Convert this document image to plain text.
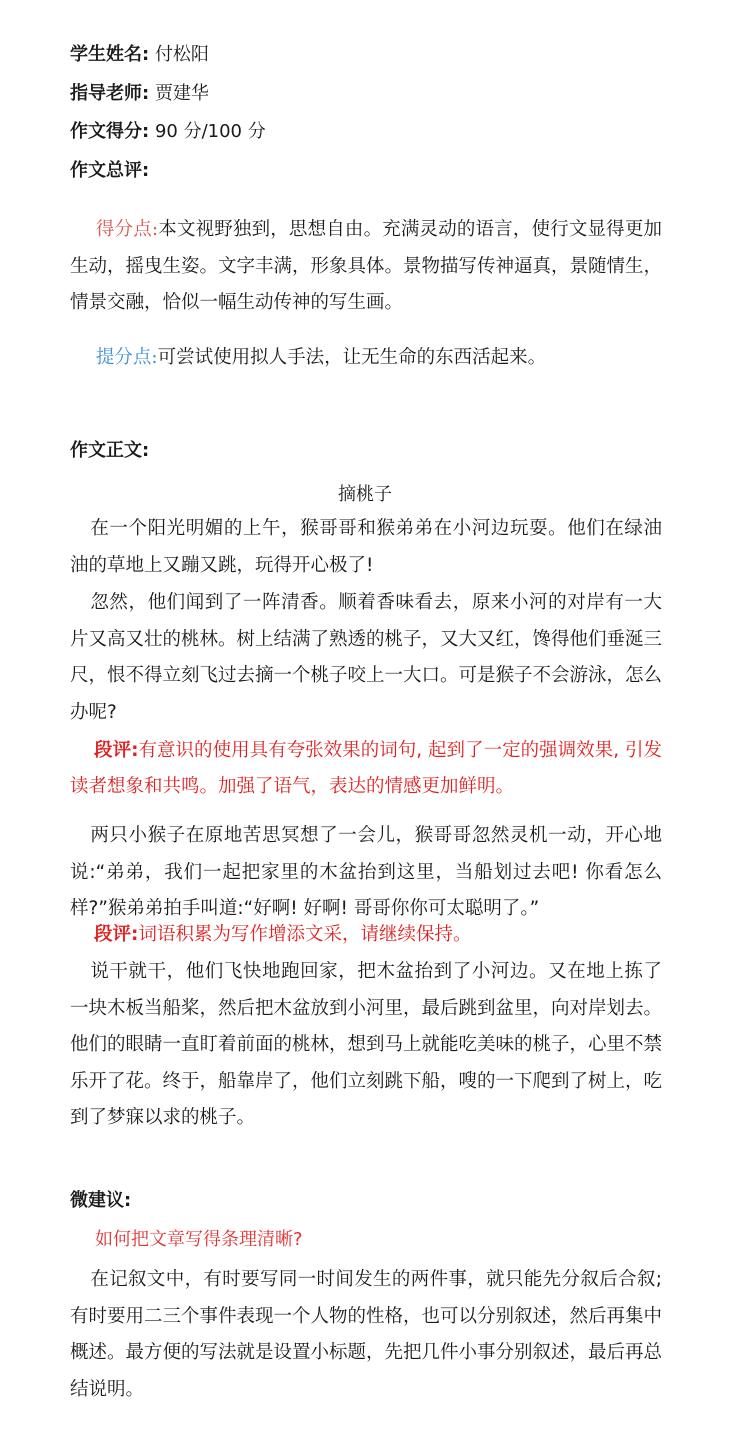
学生姓名: 付松阳
指导老师: 贾建华
作文得分: 90 分/100 分
作文总评:
得分点:本文视野独到，思想自由。充满灵动的语言，使行文显得更加生动，摇曳生姿。文字丰满，形象具体。景物描写传神逼真，景随情生，情景交融，恰似一幅生动传神的写生画。
提分点:可尝试使用拟人手法，让无生命的东西活起来。
作文正文:
摘桃子
在一个阳光明媚的上午，猴哥哥和猴弟弟在小河边玩耍。他们在绿油油的草地上又蹦又跳，玩得开心极了!
忽然，他们闻到了一阵清香。顺着香味看去，原来小河的对岸有一大片又高又壮的桃林。树上结满了熟透的桃子，又大又红，馋得他们垂涎三尺，恨不得立刻飞过去摘一个桃子咬上一大口。可是猴子不会游泳，怎么办呢?
段评:有意识的使用具有夸张效果的词句, 起到了一定的强调效果, 引发读者想象和共鸣。加强了语气，表达的情感更加鲜明。
两只小猴子在原地苦思冥想了一会儿，猴哥哥忽然灵机一动，开心地说:“弟弟，我们一起把家里的木盆抬到这里，当船划过去吧! 你看怎么样?”猴弟弟拍手叫道:“好啊! 好啊! 哥哥你你可太聪明了。”
段评:词语积累为写作增添文采，请继续保持。
说干就干，他们飞快地跑回家，把木盆抬到了小河边。又在地上拣了一块木板当船桨，然后把木盆放到小河里，最后跳到盆里，向对岸划去。他们的眼睛一直盯着前面的桃林，想到马上就能吃美味的桃子，心里不禁乐开了花。终于，船靠岸了，他们立刻跳下船，嗖的一下爬到了树上，吃到了梦寐以求的桃子。
微建议:
如何把文章写得条理清晰?
在记叙文中，有时要写同一时间发生的两件事，就只能先分叙后合叙; 有时要用二三个事件表现一个人物的性格，也可以分别叙述，然后再集中概述。最方便的写法就是设置小标题，先把几件小事分别叙述，最后再总结说明。
